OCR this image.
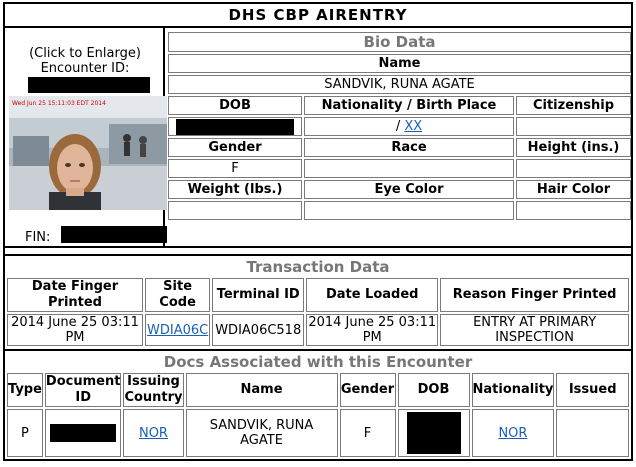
DHS CBP AIRENTRY
(Click to Enlarge)
Encounter ID:
Wed Jun 25 15:11:03 EDT 2014
FIN:
Bio Data		
Name		
SANDVIK, RUNA AGATE		
DOB	Nationality / Birth Place	Citizenship

	/ XX	
Gender	Race	Height (ins.)
F		
Weight (lbs.)	Eye Color	Hair Color

Transaction Data				
Date Finger Printed	Site Code	Terminal ID	Date Loaded	Reason Finger Printed
2014 June 25 03:11 PM	WDIA06C	WDIA06C518	2014 June 25 03:11 PM	ENTRY AT PRIMARY INSPECTION
Docs Associated with this Encounter							
Type	Document ID	Issuing Country	Name	Gender	DOB	Nationality	Issued
P		NOR	SANDVIK, RUNA AGATE	F		NOR	
